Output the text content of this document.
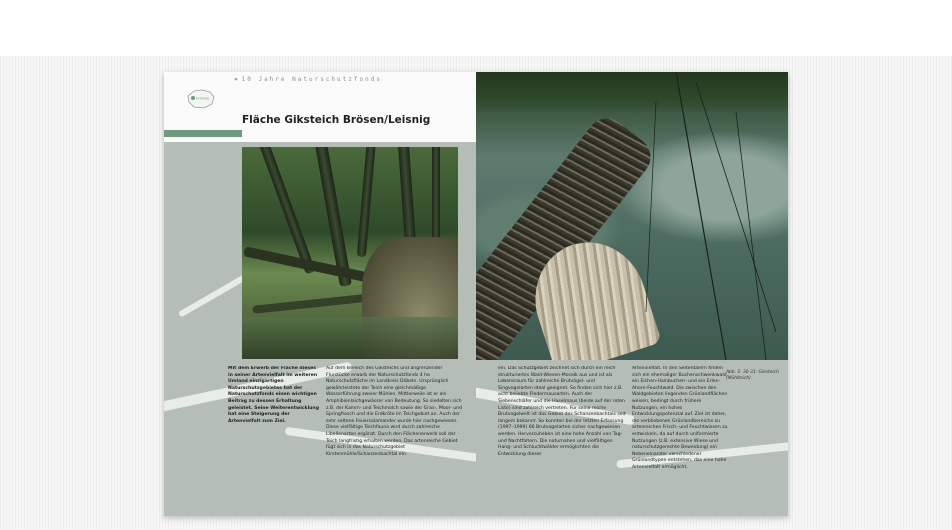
» 10 Jahre Naturschutzfonds
Grimma
Fläche Giksteich Brösen/Leisnig
Mit dem Erwerb der Fläche dieses in seiner Artenvielfalt im weiteren Umland einzigartigen Naturschutzgebietes hat der Naturschutzfonds einen wichtigen Beitrag zu dessen Erhaltung geleistet. Seine Weiterentwicklung hat eine Steigerung der Artenvielfalt zum Ziel.
Auf dem Bereich des Giksteichs und angrenzender Flurstücke erwarb der Naturschutzfonds 4 ha Naturschutzfläche im Landkreis Döbeln. Ursprünglich gewährleistete der Teich eine gleichmäßige Wasserführung zweier Mühlen. Mittlerweile ist er als Amphibienlaichgewässer von Bedeutung. So siedelten sich z.B. der Kamm- und Teichmolch sowie der Gras-, Moor- und Springfrosch und die Erdkröte im Teichgebiet an. Auch der sehr seltene Feuersalamander wurde hier nachgewiesen. Diese vielfältige Teichfauna wird durch zahlreiche Libellenarten ergänzt. Durch den Flächenerwerb soll der Teich langfristig erhalten werden. Das artenreiche Gebiet fügt sich in das Naturschutzgebiet Kirstenmühle/Schanzenbachtal ein.
ein. Das Schutzgebiet zeichnet sich durch ein reich strukturiertes Wald-Wiesen-Mosaik aus und ist als Lebensraum für zahlreiche Brutvögel- und Singvogelarten ideal geeignet. So finden sich hier z.B. acht beliebte Fledermausarten. Auch der Siebenschläfer und die Haselmaus (beide auf der roten Liste) sind zahlreich vertreten. Für seine reiche Brutvogelwelt ist das Gebiet des Schanzenbachtals seit langem bekannt. So konnten bei der letzten Erfassung (1997–1999) 66 Brutvogelarten sicher nachgewiesen werden. Hervorzuheben ist eine hohe Anzahl von Tag- und Nachtfaltern. Die naturnahen und vielfältigen Hang- und Schluchtwälder ermöglichten die Entwicklung dieser
Artenvielfalt. In den Seitentälern finden sich ein ehemaliger Buchenschwenkwald, ein Eichen-Hainbuchen- und ein Erlen-Ahorn-Feuchtwald. Die zwischen den Waldgebieten liegenden Grünlandflächen weisen, bedingt durch frühere Nutzungen, ein hohes Entwicklungspotenzial auf. Ziel ist daher, die verbliebenen Grünlandbereiche zu artenreichen Frisch- und Feuchtwiesen zu entwickeln, da auf durch uniformierte Nutzungen (z.B. extensive Wiese und naturschutzgerechte Beweidung) ein Nebeneinander verschiedener Grünlandtypen entstehen, das eine hohe Artenvielfalt ermöglicht.
Abb. S. 30-31: Giksteich (Mühlteich)
